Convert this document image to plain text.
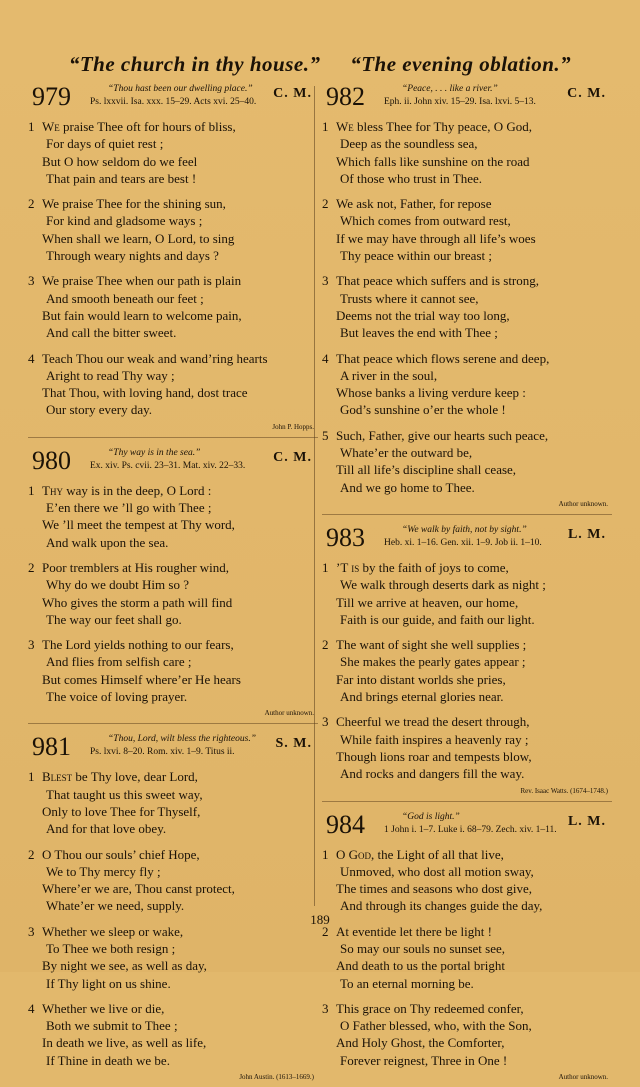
“The church in thy house.” “The evening oblation.”
979	“Thou hast been our dwelling place.”
Ps. lxxvii. Isa. xxx. 15–29. Acts xvi. 25–40.
C. M.
1 We praise Thee oft for hours of bliss,
For days of quiet rest ;
But O how seldom do we feel
That pain and tears are best !
2 We praise Thee for the shining sun,
For kind and gladsome ways ;
When shall we learn, O Lord, to sing
Through weary nights and days ?
3 We praise Thee when our path is plain
And smooth beneath our feet ;
But fain would learn to welcome pain,
And call the bitter sweet.
4 Teach Thou our weak and wand’ring hearts
Aright to read Thy way ;
That Thou, with loving hand, dost trace
Our story every day.
John P. Hopps.
980	“Thy way is in the sea.”
Ex. xiv. Ps. cvii. 23–31. Mat. xiv. 22–33.
C. M.
1 Thy way is in the deep, O Lord :
E’en there we ’ll go with Thee ;
We ’ll meet the tempest at Thy word,
And walk upon the sea.
2 Poor tremblers at His rougher wind,
Why do we doubt Him so ?
Who gives the storm a path will find
The way our feet shall go.
3 The Lord yields nothing to our fears,
And flies from selfish care ;
But comes Himself where’er He hears
The voice of loving prayer.
Author unknown.
981	“Thou, Lord, wilt bless the righteous.”
Ps. lxvi. 8–20. Rom. xiv. 1–9. Titus ii.
S. M.
1 Blest be Thy love, dear Lord,
That taught us this sweet way,
Only to love Thee for Thyself,
And for that love obey.
2 O Thou our souls’ chief Hope,
We to Thy mercy fly ;
Where’er we are, Thou canst protect,
Whate’er we need, supply.
3 Whether we sleep or wake,
To Thee we both resign ;
By night we see, as well as day,
If Thy light on us shine.
4 Whether we live or die,
Both we submit to Thee ;
In death we live, as well as life,
If Thine in death we be.
John Austin. (1613–1669.)
982	“Peace, . . . like a river.”
Eph. ii. John xiv. 15–29. Isa. lxvi. 5–13.
C. M.
1 We bless Thee for Thy peace, O God,
Deep as the soundless sea,
Which falls like sunshine on the road
Of those who trust in Thee.
2 We ask not, Father, for repose
Which comes from outward rest,
If we may have through all life’s woes
Thy peace within our breast ;
3 That peace which suffers and is strong,
Trusts where it cannot see,
Deems not the trial way too long,
But leaves the end with Thee ;
4 That peace which flows serene and deep,
A river in the soul,
Whose banks a living verdure keep :
God’s sunshine o’er the whole !
5 Such, Father, give our hearts such peace,
Whate’er the outward be,
Till all life’s discipline shall cease,
And we go home to Thee.
Author unknown.
983	“We walk by faith, not by sight.”
Heb. xi. 1–16. Gen. xii. 1–9. Job ii. 1–10.
L. M.
1 ’T is by the faith of joys to come,
We walk through deserts dark as night ;
Till we arrive at heaven, our home,
Faith is our guide, and faith our light.
2 The want of sight she well supplies ;
She makes the pearly gates appear ;
Far into distant worlds she pries,
And brings eternal glories near.
3 Cheerful we tread the desert through,
While faith inspires a heavenly ray ;
Though lions roar and tempests blow,
And rocks and dangers fill the way.
Rev. Isaac Watts. (1674–1748.)
984	“God is light.”
1 John i. 1–7. Luke i. 68–79. Zech. xiv. 1–11.
L. M.
1 O God, the Light of all that live,
Unmoved, who dost all motion sway,
The times and seasons who dost give,
And through its changes guide the day,
2 At eventide let there be light !
So may our souls no sunset see,
And death to us the portal bright
To an eternal morning be.
3 This grace on Thy redeemed confer,
O Father blessed, who, with the Son,
And Holy Ghost, the Comforter,
Forever reignest, Three in One !
Author unknown.
189
